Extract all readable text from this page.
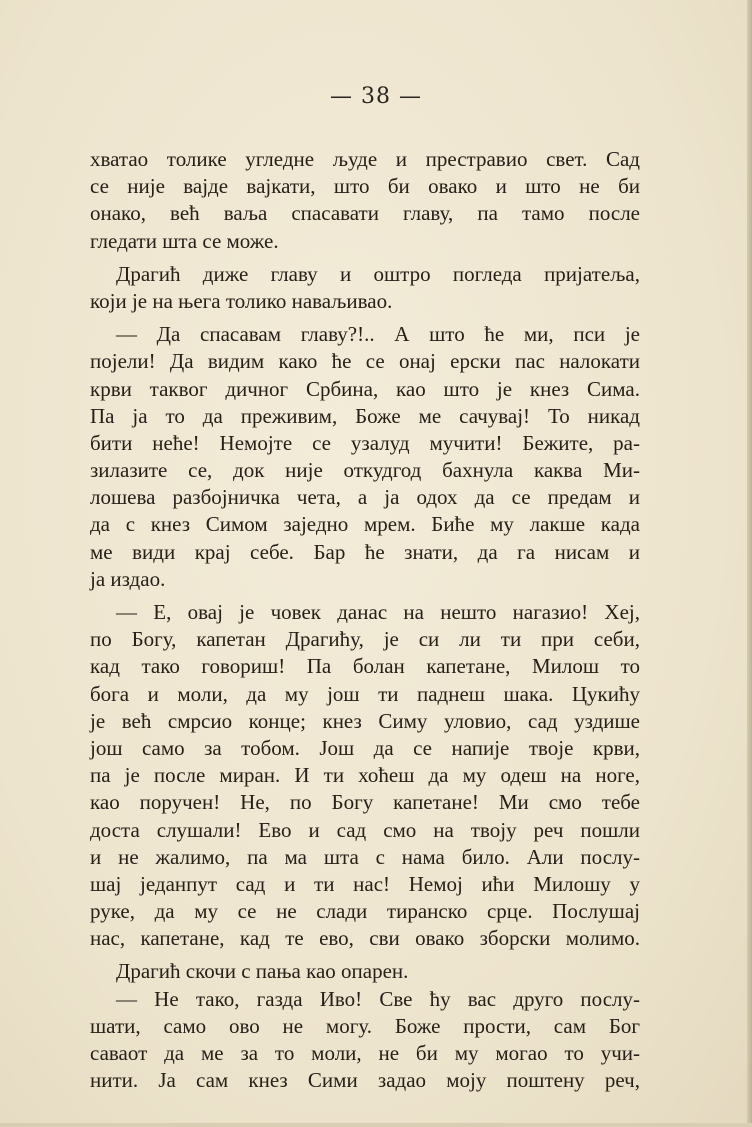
— 38 —
хватао толике угледне људе и престравио свет. Сад
се није вајде вајкати, што би овако и што не би
онако, већ ваља спасавати главу, па тамо после
гледати шта се може.
Драгић диже главу и оштро погледа пријатеља,
који је на њега толико наваљивао.
— Да спасавам главу?!.. А што ће ми, пси је
појели! Да видим како ће се онај ерски пас налокати
крви таквог дичног Србина, као што је кнез Сима.
Па ја то да преживим, Боже ме сачувај! То никад
бити неће! Немојте се узалуд мучити! Бежите, ра-
зилазите се, док није откудгод бахнула каква Ми-
лошева разбојничка чета, а ја одох да се предам и
да с кнез Симом заједно мрем. Биће му лакше када
ме види крај себе. Бар ће знати, да га нисам и
ја издао.
— Е, овај је човек данас на нешто нагазио! Хеј,
по Богу, капетан Драгићу, је си ли ти при себи,
кад тако говориш! Па болан капетане, Милош то
бога и моли, да му још ти паднеш шака. Цукићу
је већ смрсио конце; кнез Симу уловио, сад уздише
још само за тобом. Још да се напије твоје крви,
па је после миран. И ти хоћеш да му одеш на ноге,
као поручен! Не, по Богу капетане! Ми смо тебе
доста слушали! Ево и сад смо на твоју реч пошли
и не жалимо, па ма шта с нама било. Али послу-
шај једанпут сад и ти нас! Немој ићи Милошу у
руке, да му се не слади тиранско срце. Послушај
нас, капетане, кад те ево, сви овако зборски молимо.
Драгић скочи с пања као опарен.
— Не тако, газда Иво! Све ћу вас друго послу-
шати, само ово не могу. Боже прости, сам Бог
саваот да ме за то моли, не би му могао то учи-
нити. Ја сам кнез Сими задао моју поштену реч,
